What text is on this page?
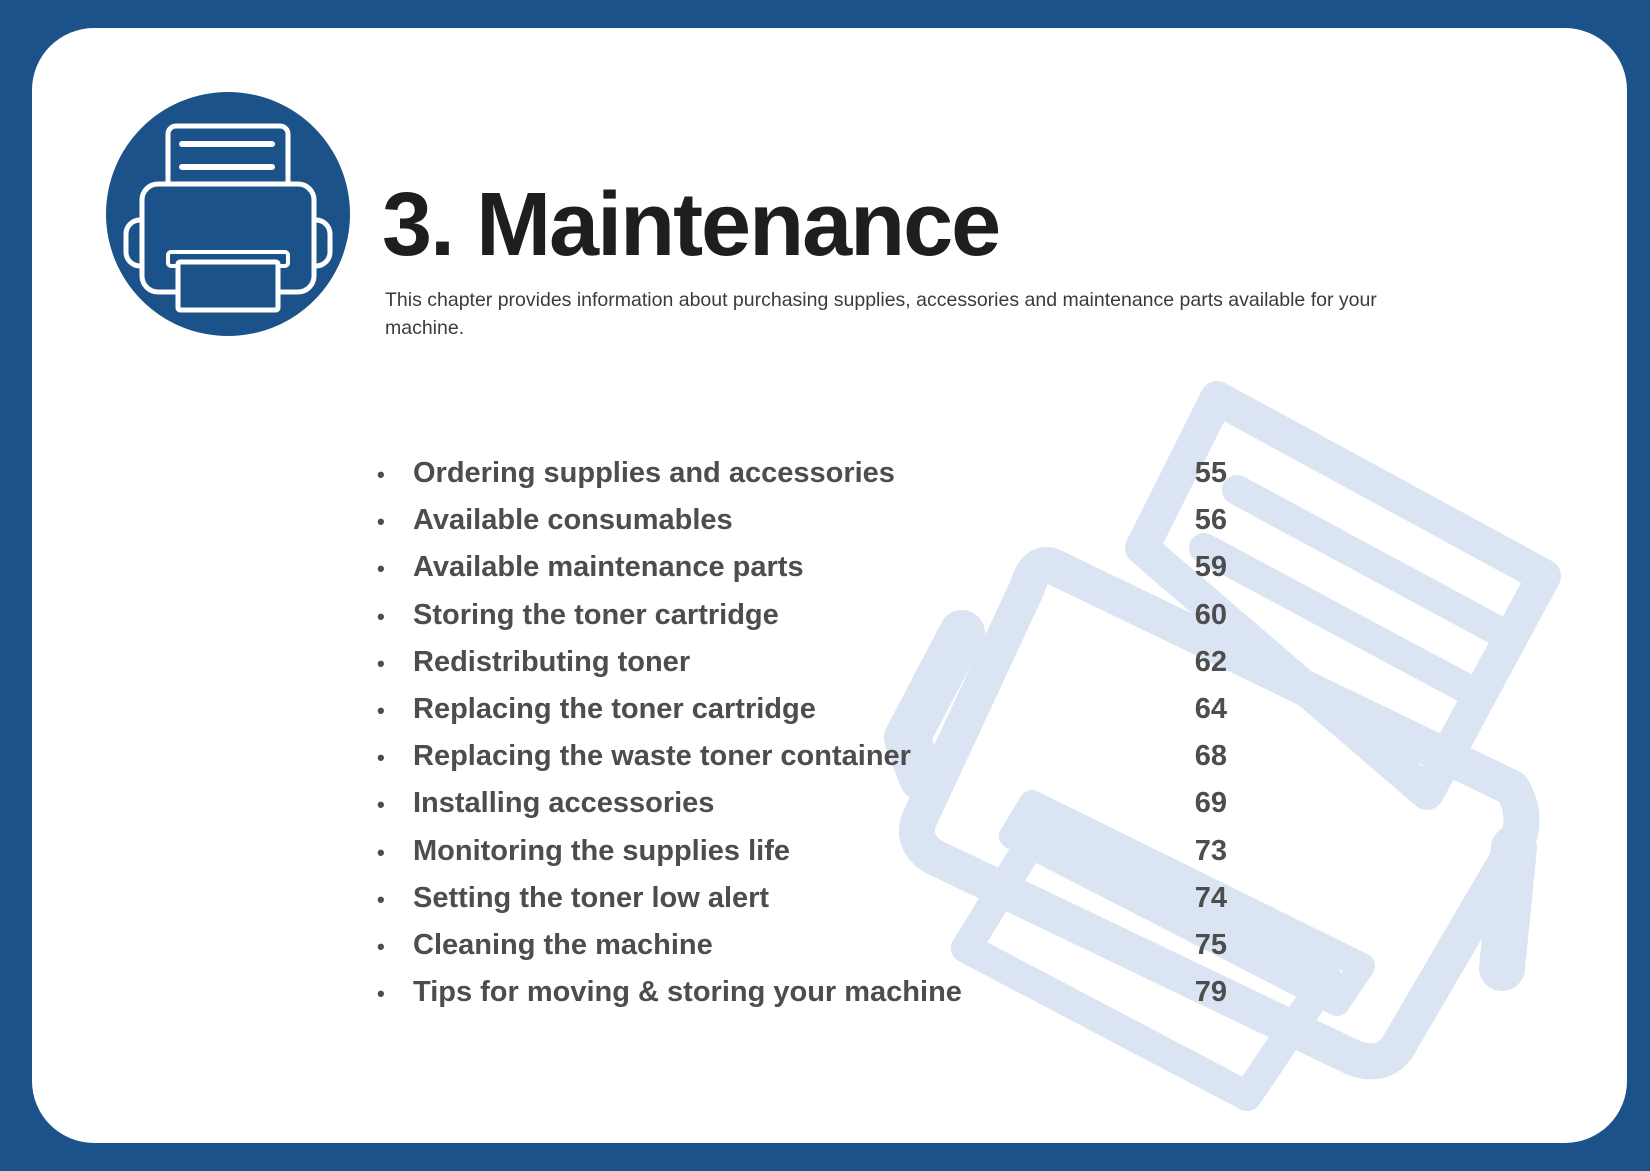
3. Maintenance

This chapter provides information about purchasing supplies, accessories and maintenance parts available for your machine.

• Ordering supplies and accessories	55
• Available consumables	56
• Available maintenance parts	59
• Storing the toner cartridge	60
• Redistributing toner	62
• Replacing the toner cartridge	64
• Replacing the waste toner container	68
• Installing accessories	69
• Monitoring the supplies life	73
• Setting the toner low alert	74
• Cleaning the machine	75
• Tips for moving & storing your machine	79
